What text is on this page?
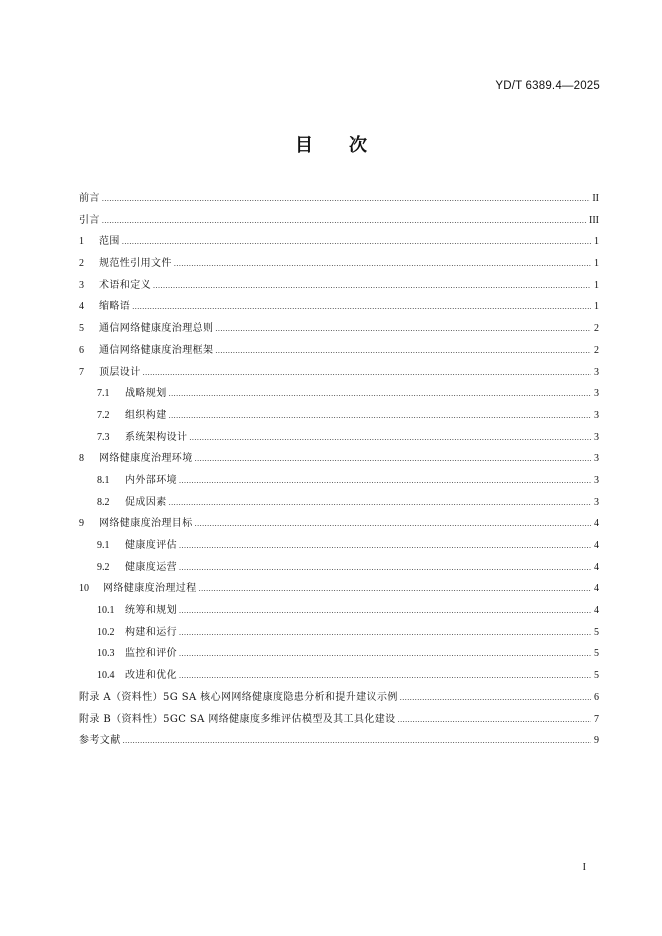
YD/T 6389.4—2025
目 次
前言 .....	II
引言 .....	III
1	范围 .....	1
2	规范性引用文件 .....	1
3	术语和定义 .....	1
4	缩略语 .....	1
5	通信网络健康度治理总则 .....	2
6	通信网络健康度治理框架 .....	2
7	顶层设计 .....	3
7.1	战略规划 .....	3
7.2	组织构建 .....	3
7.3	系统架构设计 .....	3
8	网络健康度治理环境 .....	3
8.1	内外部环境 .....	3
8.2	促成因素 .....	3
9	网络健康度治理目标 .....	4
9.1	健康度评估 .....	4
9.2	健康度运营 .....	4
10	网络健康度治理过程 .....	4
10.1	统筹和规划 .....	4
10.2	构建和运行 .....	5
10.3	监控和评价 .....	5
10.4	改进和优化 .....	5
附录 A（资料性）5G SA 核心网网络健康度隐患分析和提升建议示例 .....	6
附录 B（资料性）5GC SA 网络健康度多维评估模型及其工具化建设 .....	7
参考文献 .....	9
I
